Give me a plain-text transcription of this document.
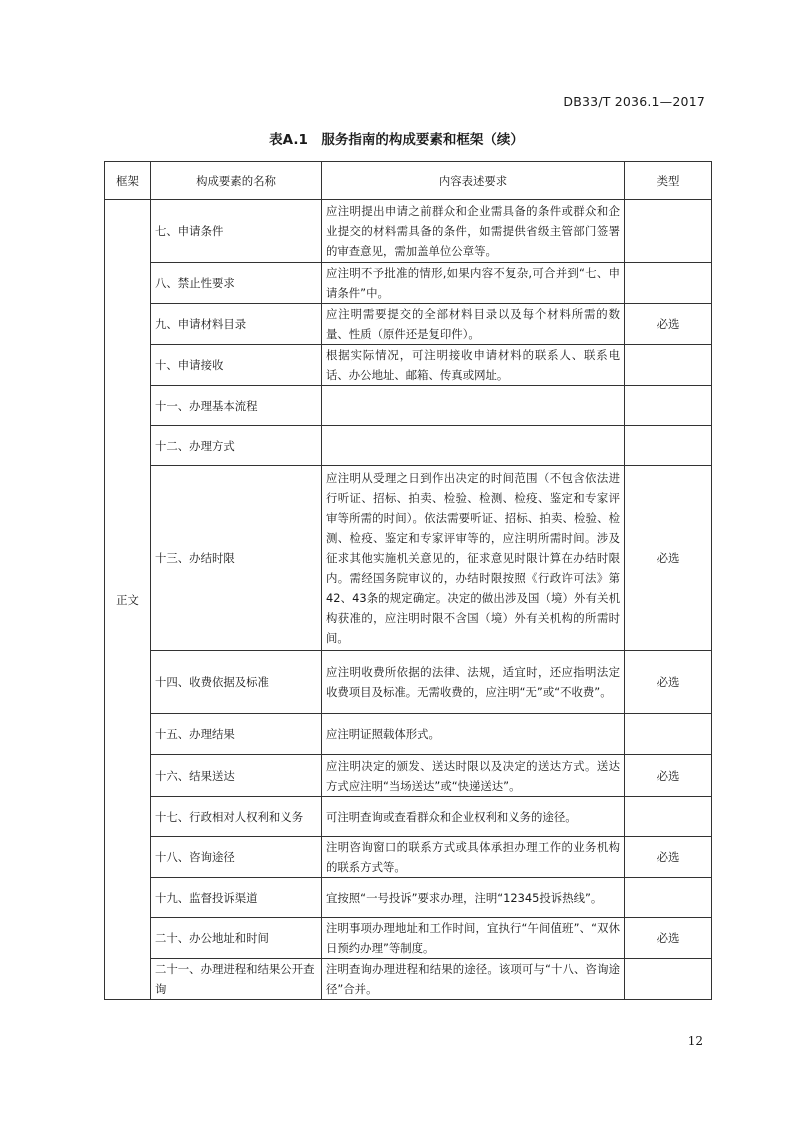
DB33/T 2036.1—2017
表A.1　服务指南的构成要素和框架（续）
框架	构成要素的名称	内容表述要求	类型
正文	七、申请条件	应注明提出申请之前群众和企业需具备的条件或群众和企业提交的材料需具备的条件，如需提供省级主管部门签署的审查意见，需加盖单位公章等。	
	八、禁止性要求	应注明不予批准的情形,如果内容不复杂,可合并到“七、申请条件”中。	
	九、申请材料目录	应注明需要提交的全部材料目录以及每个材料所需的数量、性质（原件还是复印件）。	必选
	十、申请接收	根据实际情况，可注明接收申请材料的联系人、联系电话、办公地址、邮箱、传真或网址。	
	十一、办理基本流程		
	十二、办理方式		
	十三、办结时限	应注明从受理之日到作出决定的时间范围（不包含依法进行听证、招标、拍卖、检验、检测、检疫、鉴定和专家评审等所需的时间）。依法需要听证、招标、拍卖、检验、检测、检疫、鉴定和专家评审等的，应注明所需时间。涉及征求其他实施机关意见的，征求意见时限计算在办结时限内。需经国务院审议的，办结时限按照《行政许可法》第42、43条的规定确定。决定的做出涉及国（境）外有关机构获准的，应注明时限不含国（境）外有关机构的所需时间。	必选
	十四、收费依据及标准	应注明收费所依据的法律、法规，适宜时，还应指明法定收费项目及标准。无需收费的，应注明“无”或“不收费”。	必选
	十五、办理结果	应注明证照载体形式。	
	十六、结果送达	应注明决定的颁发、送达时限以及决定的送达方式。送达方式应注明“当场送达”或“快递送达”。	必选
	十七、行政相对人权利和义务	可注明查询或查看群众和企业权利和义务的途径。	
	十八、咨询途径	注明咨询窗口的联系方式或具体承担办理工作的业务机构的联系方式等。	必选
	十九、监督投诉渠道	宜按照“一号投诉”要求办理，注明“12345投诉热线”。	
	二十、办公地址和时间	注明事项办理地址和工作时间，宜执行“午间值班”、“双休日预约办理”等制度。	必选
	二十一、办理进程和结果公开查询	注明查询办理进程和结果的途径。该项可与“十八、咨询途径”合并。	
12
